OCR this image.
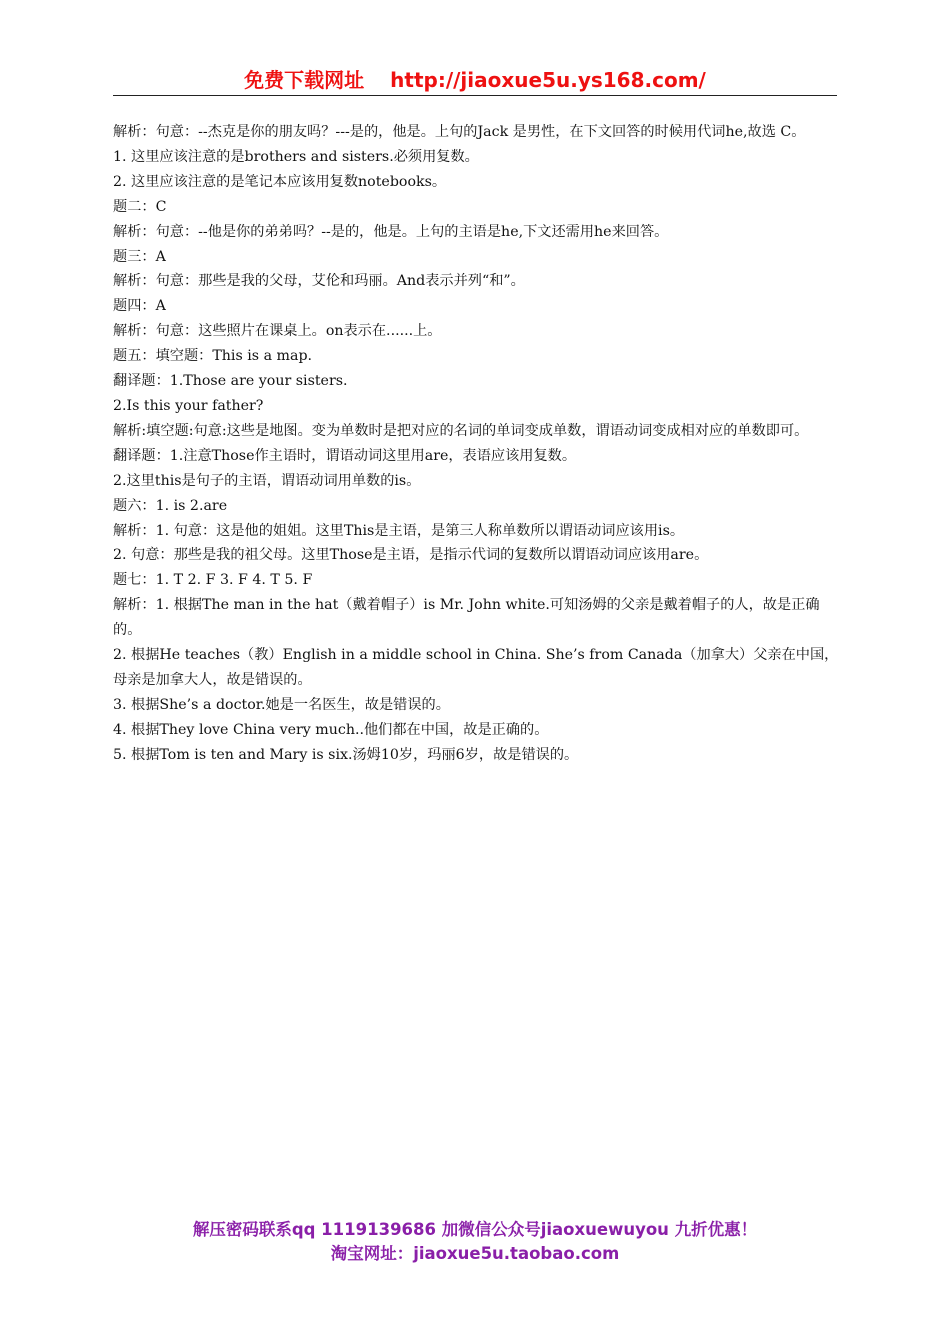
免费下载网址 http://jiaoxue5u.ys168.com/

解析：句意：--杰克是你的朋友吗？---是的，他是。上句的Jack 是男性，在下文回答的时候用代词he,故选 C。

1. 这里应该注意的是brothers and sisters.必须用复数。

2. 这里应该注意的是笔记本应该用复数notebooks。

题二：C

解析：句意：--他是你的弟弟吗？--是的，他是。上句的主语是he,下文还需用he来回答。

题三：A

解析：句意：那些是我的父母，艾伦和玛丽。And表示并列“和”。

题四：A

解析：句意：这些照片在课桌上。on表示在......上。

题五：填空题：This is a map.

翻译题：1.Those are your sisters.

2.Is this your father?

解析:填空题:句意:这些是地图。变为单数时是把对应的名词的单词变成单数，谓语动词变成相对应的单数即可。

翻译题：1.注意Those作主语时，谓语动词这里用are，表语应该用复数。

2.这里this是句子的主语，谓语动词用单数的is。

题六：1. is 2.are

解析：1. 句意：这是他的姐姐。这里This是主语，是第三人称单数所以谓语动词应该用is。

2. 句意：那些是我的祖父母。这里Those是主语，是指示代词的复数所以谓语动词应该用are。

题七：1. T 2. F 3. F 4. T 5. F

解析：1. 根据The man in the hat（戴着帽子）is Mr. John white.可知汤姆的父亲是戴着帽子的人，故是正确的。

2. 根据He teaches（教）English in a middle school in China. She’s from Canada（加拿大）父亲在中国，母亲是加拿大人，故是错误的。

3. 根据She’s a doctor.她是一名医生，故是错误的。

4. 根据They love China very much..他们都在中国，故是正确的。

5. 根据Tom is ten and Mary is six.汤姆10岁，玛丽6岁，故是错误的。

解压密码联系qq 1119139686 加微信公众号jiaoxuewuyou 九折优惠！
淘宝网址：jiaoxue5u.taobao.com
